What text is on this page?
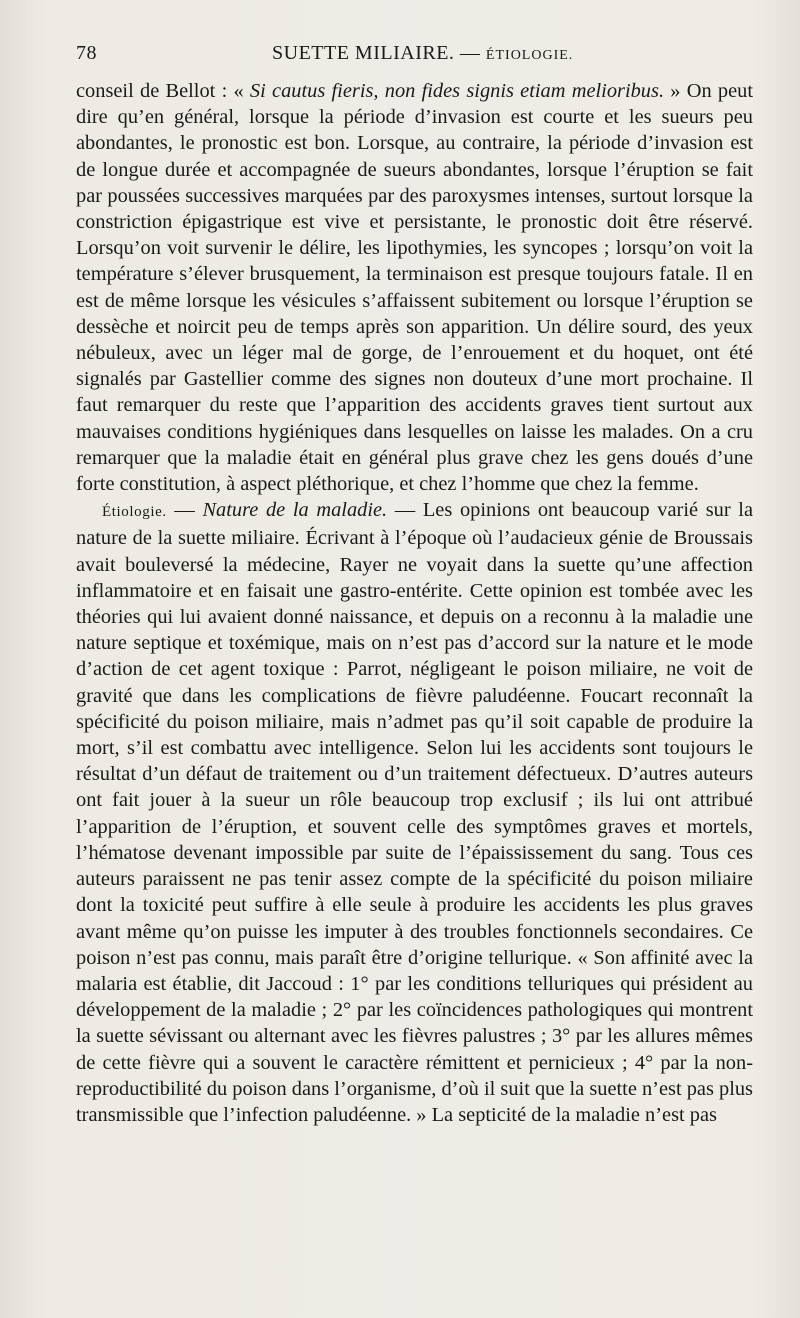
78	SUETTE MILIAIRE. — ÉTIOLOGIE.

conseil de Bellot : « Si cautus fieris, non fides signis etiam melioribus. » On peut dire qu’en général, lorsque la période d’invasion est courte et les sueurs peu abondantes, le pronostic est bon. Lorsque, au contraire, la période d’invasion est de longue durée et accompagnée de sueurs abondantes, lorsque l’éruption se fait par poussées successives marquées par des paroxysmes intenses, surtout lorsque la constriction épigastrique est vive et persistante, le pronostic doit être réservé. Lorsqu’on voit survenir le délire, les lipothymies, les syncopes ; lorsqu’on voit la température s’élever brusquement, la terminaison est presque toujours fatale. Il en est de même lorsque les vésicules s’affaissent subitement ou lorsque l’éruption se dessèche et noircit peu de temps après son apparition. Un délire sourd, des yeux nébuleux, avec un léger mal de gorge, de l’enrouement et du hoquet, ont été signalés par Gastellier comme des signes non douteux d’une mort prochaine. Il faut remarquer du reste que l’apparition des accidents graves tient surtout aux mauvaises conditions hygiéniques dans lesquelles on laisse les malades. On a cru remarquer que la maladie était en général plus grave chez les gens doués d’une forte constitution, à aspect pléthorique, et chez l’homme que chez la femme.

Étiologie. — Nature de la maladie. — Les opinions ont beaucoup varié sur la nature de la suette miliaire. Écrivant à l’époque où l’audacieux génie de Broussais avait bouleversé la médecine, Rayer ne voyait dans la suette qu’une affection inflammatoire et en faisait une gastro-entérite. Cette opinion est tombée avec les théories qui lui avaient donné naissance, et depuis on a reconnu à la maladie une nature septique et toxémique, mais on n’est pas d’accord sur la nature et le mode d’action de cet agent toxique : Parrot, négligeant le poison miliaire, ne voit de gravité que dans les complications de fièvre paludéenne. Foucart reconnaît la spécificité du poison miliaire, mais n’admet pas qu’il soit capable de produire la mort, s’il est combattu avec intelligence. Selon lui les accidents sont toujours le résultat d’un défaut de traitement ou d’un traitement défectueux. D’autres auteurs ont fait jouer à la sueur un rôle beaucoup trop exclusif ; ils lui ont attribué l’apparition de l’éruption, et souvent celle des symptômes graves et mortels, l’hématose devenant impossible par suite de l’épaississement du sang. Tous ces auteurs paraissent ne pas tenir assez compte de la spécificité du poison miliaire dont la toxicité peut suffire à elle seule à produire les accidents les plus graves avant même qu’on puisse les imputer à des troubles fonctionnels secondaires. Ce poison n’est pas connu, mais paraît être d’origine tellurique. « Son affinité avec la malaria est établie, dit Jaccoud : 1° par les conditions telluriques qui président au développement de la maladie ; 2° par les coïncidences pathologiques qui montrent la suette sévissant ou alternant avec les fièvres palustres ; 3° par les allures mêmes de cette fièvre qui a souvent le caractère rémittent et pernicieux ; 4° par la non-reproductibilité du poison dans l’organisme, d’où il suit que la suette n’est pas plus transmissible que l’infection paludéenne. » La septicité de la maladie n’est pas
